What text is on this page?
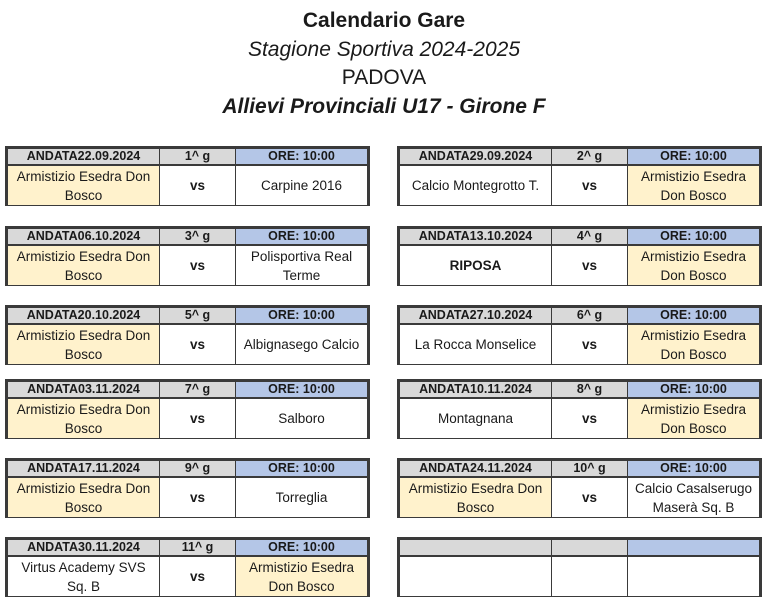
Calendario Gare
Stagione Sportiva 2024-2025
PADOVA
Allievi Provinciali U17 - Girone F
ANDATA22.09.2024	1^ g	ORE: 10:00
Armistizio Esedra Don Bosco	vs	Carpine 2016
ANDATA29.09.2024	2^ g	ORE: 10:00
Calcio Montegrotto T.	vs	Armistizio Esedra Don Bosco
ANDATA06.10.2024	3^ g	ORE: 10:00
Armistizio Esedra Don Bosco	vs	Polisportiva Real Terme
ANDATA13.10.2024	4^ g	ORE: 10:00
RIPOSA	vs	Armistizio Esedra Don Bosco
ANDATA20.10.2024	5^ g	ORE: 10:00
Armistizio Esedra Don Bosco	vs	Albignasego Calcio
ANDATA27.10.2024	6^ g	ORE: 10:00
La Rocca Monselice	vs	Armistizio Esedra Don Bosco
ANDATA03.11.2024	7^ g	ORE: 10:00
Armistizio Esedra Don Bosco	vs	Salboro
ANDATA10.11.2024	8^ g	ORE: 10:00
Montagnana	vs	Armistizio Esedra Don Bosco
ANDATA17.11.2024	9^ g	ORE: 10:00
Armistizio Esedra Don Bosco	vs	Torreglia
ANDATA24.11.2024	10^ g	ORE: 10:00
Armistizio Esedra Don Bosco	vs	Calcio Casalserugo Maserà Sq. B
ANDATA30.11.2024	11^ g	ORE: 10:00
Virtus Academy SVS Sq. B	vs	Armistizio Esedra Don Bosco
